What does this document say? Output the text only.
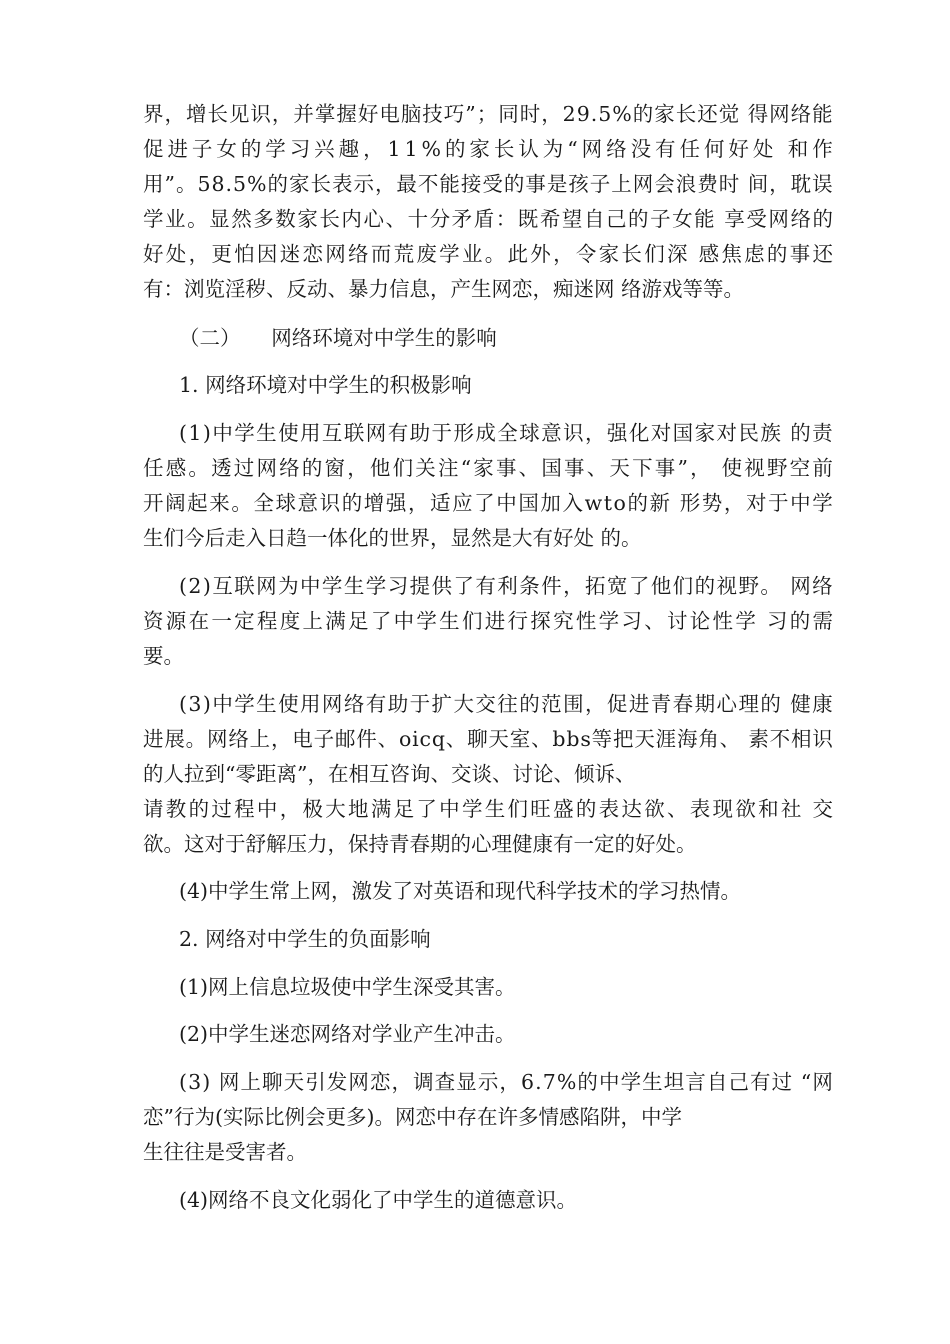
界 ， 增 长 见 识 ， 并 掌 握 好 电 脑 技 巧 ” ； 同 时 ， 2 9 . 5 % 的 家 长 还 觉
得 网 络 能
促 进 子 女 的 学 习 兴 趣 ， 1 1 % 的 家 长 认 为 “ 网 络 没 有 任 何 好 处
和 作
用 ” 。 5 8 . 5 % 的 家 长 表 示 ， 最 不 能 接 受 的 事 是 孩 子 上 网 会 浪 费 时
间 ， 耽 误
学 业 。 显 然 多 数 家 长 内 心 、 十 分 矛 盾 ： 既 希 望 自 己 的 子 女 能
享 受 网 络 的
好 处 ， 更 怕 因 迷 恋 网 络 而 荒 废 学 业 。 此 外 ， 令 家 长 们 深
感 焦 虑 的 事 还
有：浏览淫秽、反动、暴力信息，产生网恋，痴迷网 络游戏等等。
（二）　　网络环境对中学生的影响
1. 网络环境对中学生的积极影响
( 1 ) 中 学 生 使 用 互 联 网 有 助 于 形 成 全 球 意 识 ， 强 化 对 国 家 对 民 族
的 责
任 感 。 透 过 网 络 的 窗 ， 他 们 关 注 “ 家 事 、 国 事 、 天 下 事 ” ，
使 视 野 空 前
开 阔 起 来 。 全 球 意 识 的 增 强 ， 适 应 了 中 国 加 入 w t o 的 新
形 势 ， 对 于 中 学
生们今后走入日趋一体化的世界，显然是大有好处 的。
( 2 ) 互 联 网 为 中 学 生 学 习 提 供 了 有 利 条 件 ， 拓 宽 了 他 们 的 视 野 。
网 络
资 源 在 一 定 程 度 上 满 足 了 中 学 生 们 进 行 探 究 性 学 习 、 讨 论 性 学
习 的 需
要。
( 3 ) 中 学 生 使 用 网 络 有 助 于 扩 大 交 往 的 范 围 ， 促 进 青 春 期 心 理 的
健 康
进 展 。 网 络 上 ， 电 子 邮 件 、 o i c q 、 聊 天 室 、 b b s 等 把 天 涯 海 角 、
素 不 相 识
的人拉到“零距离”，在相互咨询、交谈、讨论、倾诉、
请 教 的 过 程 中 ， 极 大 地 满 足 了 中 学 生 们 旺 盛 的 表 达 欲 、 表 现 欲 和 社
交
欲。这对于舒解压力，保持青春期的心理健康有一定的好处。
(4)中学生常上网，激发了对英语和现代科学技术的学习热情。
2. 网络对中学生的负面影响
(1)网上信息垃圾使中学生深受其害。
(2)中学生迷恋网络对学业产生冲击。
( 3 )
网 上 聊 天 引 发 网 恋 ， 调 查 显 示 ， 6 . 7 % 的 中 学 生 坦 言 自 己 有 过
“ 网
恋”行为(实际比例会更多)。网恋中存在许多情感陷阱，中学
生往往是受害者。
(4)网络不良文化弱化了中学生的道德意识。
